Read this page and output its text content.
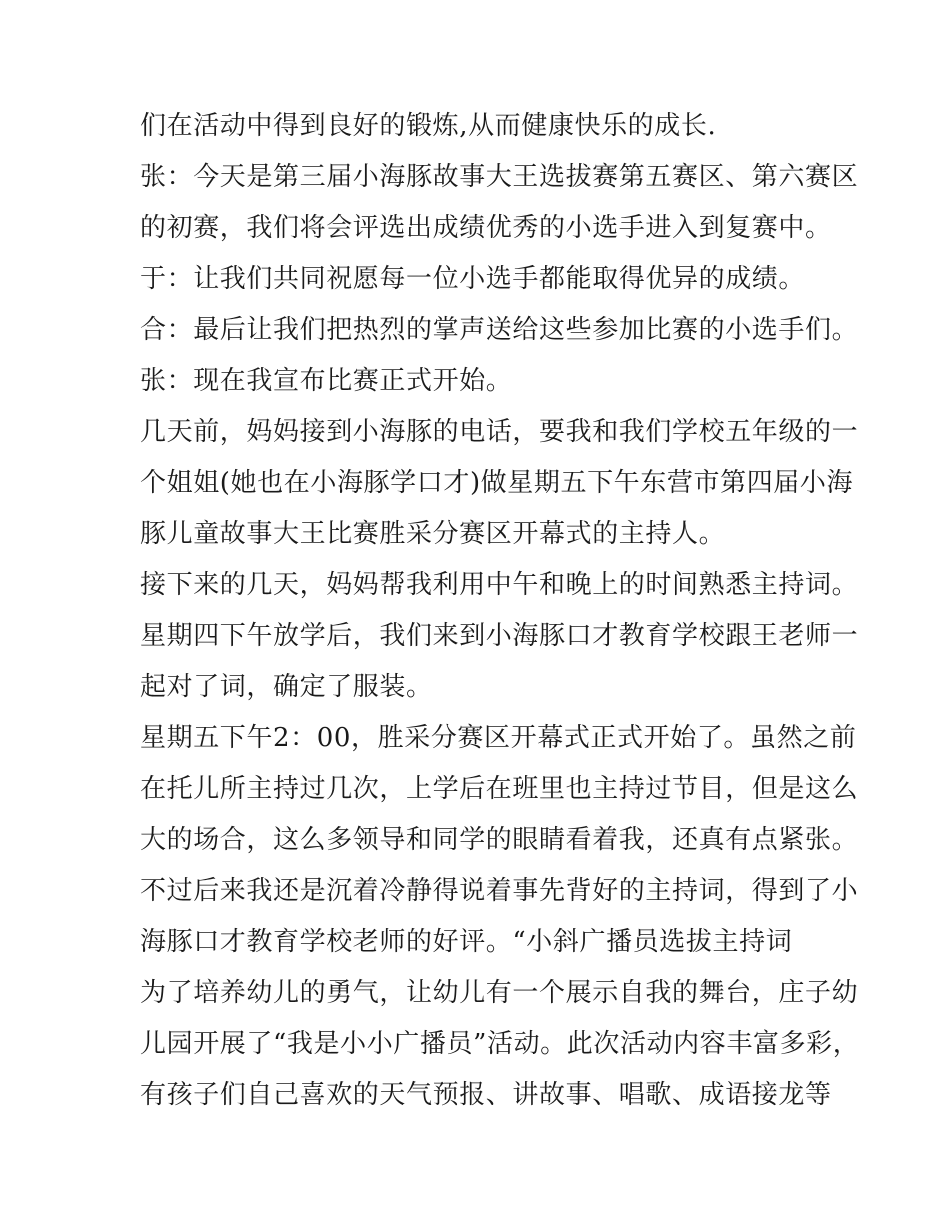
们在活动中得到良好的锻炼,从而健康快乐的成长.
张：今天是第三届小海豚故事大王选拔赛第五赛区、第六赛区
的初赛，我们将会评选出成绩优秀的小选手进入到复赛中。
于：让我们共同祝愿每一位小选手都能取得优异的成绩。
合：最后让我们把热烈的掌声送给这些参加比赛的小选手们。
张：现在我宣布比赛正式开始。
几天前，妈妈接到小海豚的电话，要我和我们学校五年级的一
个姐姐(她也在小海豚学口才)做星期五下午东营市第四届小海
豚儿童故事大王比赛胜采分赛区开幕式的主持人。
接下来的几天，妈妈帮我利用中午和晚上的时间熟悉主持词。
星期四下午放学后，我们来到小海豚口才教育学校跟王老师一
起对了词，确定了服装。
星期五下午2：00，胜采分赛区开幕式正式开始了。虽然之前
在托儿所主持过几次，上学后在班里也主持过节目，但是这么
大的场合，这么多领导和同学的眼睛看着我，还真有点紧张。
不过后来我还是沉着冷静得说着事先背好的主持词，得到了小
海豚口才教育学校老师的好评。“小斜广播员选拔主持词
为了培养幼儿的勇气，让幼儿有一个展示自我的舞台，庄子幼
儿园开展了“我是小小广播员”活动。此次活动内容丰富多彩，
有孩子们自己喜欢的天气预报、讲故事、唱歌、成语接龙等
